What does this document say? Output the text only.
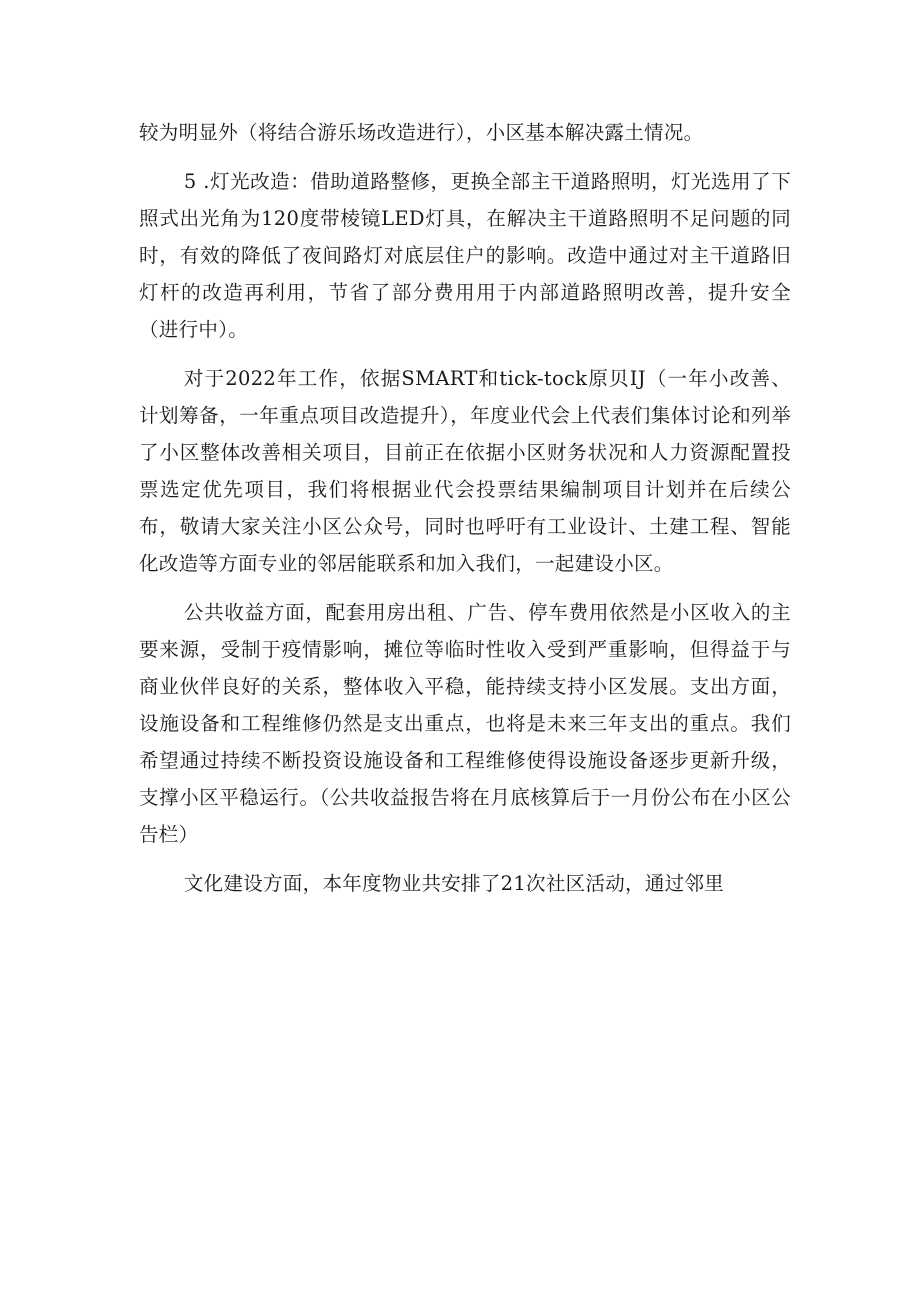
较为明显外（将结合游乐场改造进行），小区基本解决露土情况。

5 .灯光改造：借助道路整修，更换全部主干道路照明，灯光选用了下照式出光角为120度带棱镜LED灯具，在解决主干道路照明不足问题的同时，有效的降低了夜间路灯对底层住户的影响。改造中通过对主干道路旧灯杆的改造再利用，节省了部分费用用于内部道路照明改善，提升安全（进行中）。

对于2022年工作，依据SMART和tick-tock原贝IJ（一年小改善、计划筹备，一年重点项目改造提升），年度业代会上代表们集体讨论和列举了小区整体改善相关项目，目前正在依据小区财务状况和人力资源配置投票选定优先项目，我们将根据业代会投票结果编制项目计划并在后续公布，敬请大家关注小区公众号，同时也呼吁有工业设计、土建工程、智能化改造等方面专业的邻居能联系和加入我们，一起建设小区。

公共收益方面，配套用房出租、广告、停车费用依然是小区收入的主要来源，受制于疫情影响，摊位等临时性收入受到严重影响，但得益于与商业伙伴良好的关系，整体收入平稳，能持续支持小区发展。支出方面，设施设备和工程维修仍然是支出重点，也将是未来三年支出的重点。我们希望通过持续不断投资设施设备和工程维修使得设施设备逐步更新升级，支撑小区平稳运行。（公共收益报告将在月底核算后于一月份公布在小区公告栏）

文化建设方面，本年度物业共安排了21次社区活动，通过邻里
